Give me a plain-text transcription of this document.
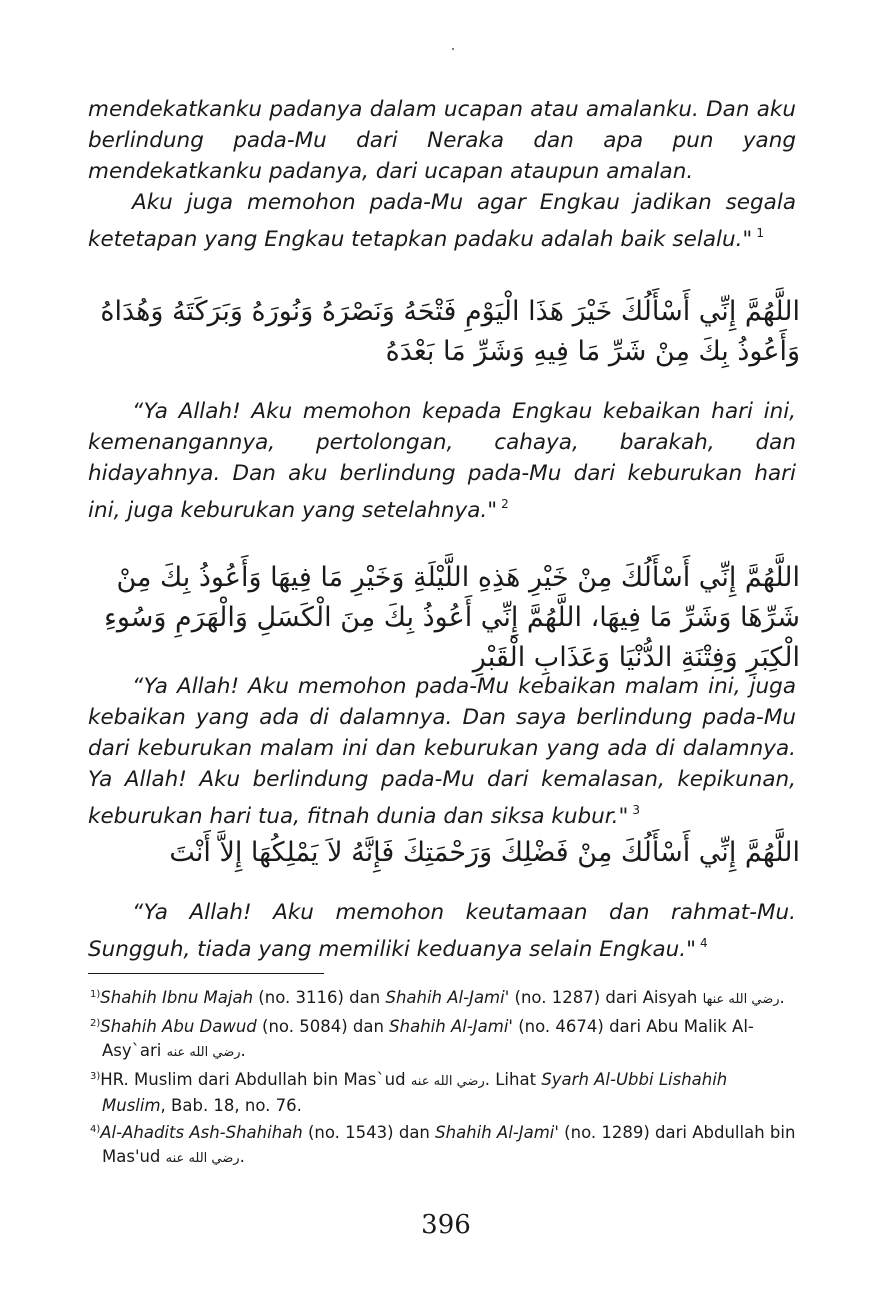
mendekatkanku padanya dalam ucapan atau amalanku. Dan aku berlindung pada-Mu dari Neraka dan apa pun yang mendekatkanku padanya, dari ucapan ataupun amalan.

Aku juga memohon pada-Mu agar Engkau jadikan segala ketetapan yang Engkau tetapkan padaku adalah baik selalu." $^1$

اللَّهُمَّ إِنِّي أَسْأَلُكَ خَيْرَ هَذَا الْيَوْمِ فَتْحَهُ وَنَصْرَهُ وَنُورَهُ وَبَرَكَتَهُ وَهُدَاهُ وَأَعُوذُ بِكَ مِنْ شَرِّ مَا فِيهِ وَشَرِّ مَا بَعْدَهُ

“Ya Allah! Aku memohon kepada Engkau kebaikan hari ini, kemenangannya, pertolongan, cahaya, barakah, dan hidayahnya. Dan aku berlindung pada-Mu dari keburukan hari ini, juga keburukan yang setelahnya." $^2$

اللَّهُمَّ إِنِّي أَسْأَلُكَ مِنْ خَيْرِ هَذِهِ اللَّيْلَةِ وَخَيْرِ مَا فِيهَا وَأَعُوذُ بِكَ مِنْ شَرِّهَا وَشَرِّ مَا فِيهَا، اللَّهُمَّ إِنِّي أَعُوذُ بِكَ مِنَ الْكَسَلِ وَالْهَرَمِ وَسُوءِ الْكِبَرِ وَفِتْنَةِ الدُّنْيَا وَعَذَابِ الْقَبْرِ

“Ya Allah! Aku memohon pada-Mu kebaikan malam ini, juga kebaikan yang ada di dalamnya. Dan saya berlindung pada-Mu dari keburukan malam ini dan keburukan yang ada di dalamnya. Ya Allah! Aku berlindung pada-Mu dari kemalasan, kepikunan, keburukan hari tua, fitnah dunia dan siksa kubur." $^3$

اللَّهُمَّ إِنِّي أَسْأَلُكَ مِنْ فَضْلِكَ وَرَحْمَتِكَ فَإِنَّهُ لاَ يَمْلِكُهَا إِلاَّ أَنْتَ

“Ya Allah! Aku memohon keutamaan dan rahmat-Mu. Sungguh, tiada yang memiliki keduanya selain Engkau." $^4$

$^{1)}$Shahih Ibnu Majah (no. 3116) dan Shahih Al-Jami' (no. 1287) dari Aisyah رضي الله عنها.
$^{2)}$Shahih Abu Dawud (no. 5084) dan Shahih Al-Jami' (no. 4674) dari Abu Malik Al-Asy`ari رضي الله عنه.
$^{3)}$HR. Muslim dari Abdullah bin Mas`ud رضي الله عنه. Lihat Syarh Al-Ubbi Lishahih Muslim, Bab. 18, no. 76.
$^{4)}$Al-Ahadits Ash-Shahihah (no. 1543) dan Shahih Al-Jami' (no. 1289) dari Abdullah bin Mas'ud رضي الله عنه.
396
